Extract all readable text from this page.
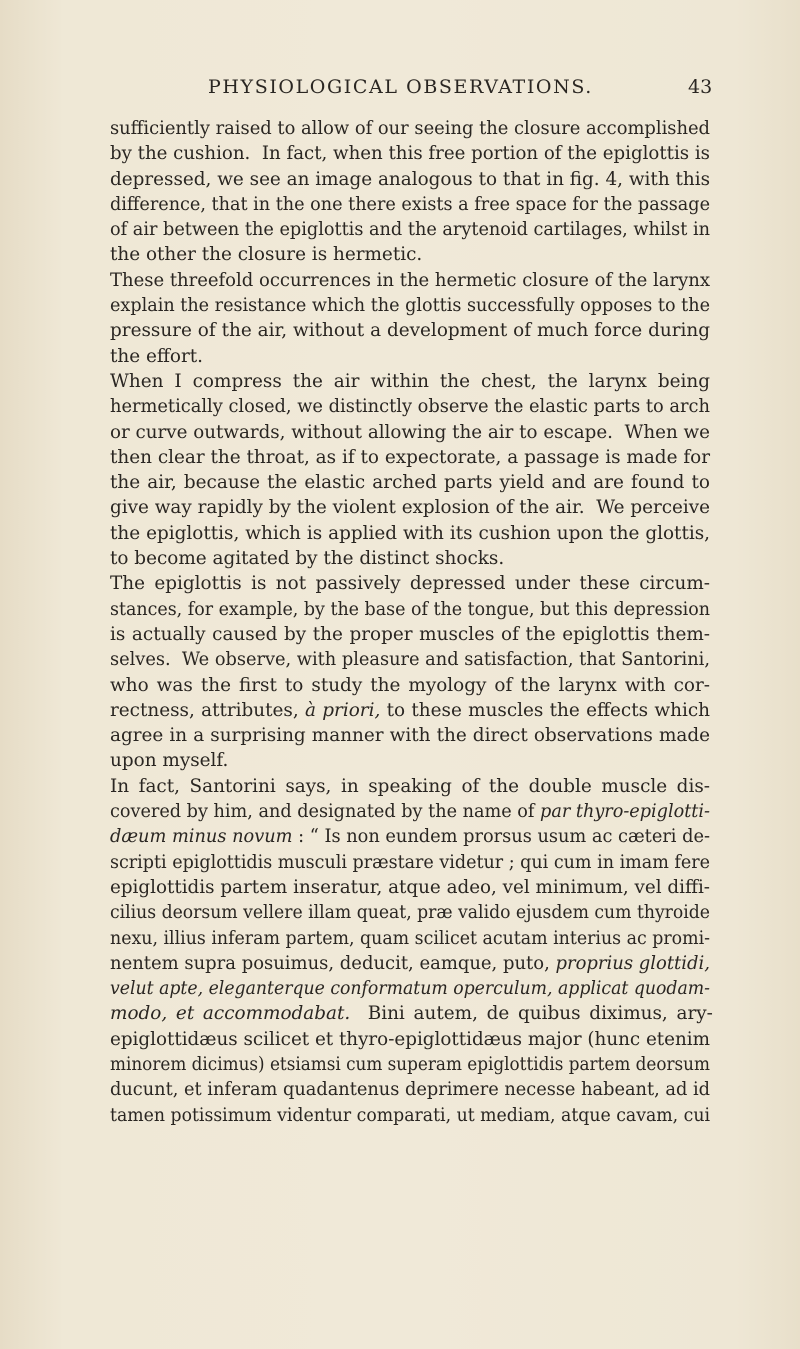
PHYSIOLOGICAL OBSERVATIONS.	43
sufficiently raised to allow of our seeing the closure accomplished
by the cushion.  In fact, when this free portion of the epiglottis is
depressed, we see an image analogous to that in fig. 4, with this
difference, that in the one there exists a free space for the passage
of air between the epiglottis and the arytenoid cartilages, whilst in
the other the closure is hermetic.
These threefold occurrences in the hermetic closure of the larynx
explain the resistance which the glottis successfully opposes to the
pressure of the air, without a development of much force during
the effort.
When I compress the air within the chest, the larynx being
hermetically closed, we distinctly observe the elastic parts to arch
or curve outwards, without allowing the air to escape.  When we
then clear the throat, as if to expectorate, a passage is made for
the air, because the elastic arched parts yield and are found to
give way rapidly by the violent explosion of the air.  We perceive
the epiglottis, which is applied with its cushion upon the glottis,
to become agitated by the distinct shocks.
The epiglottis is not passively depressed under these circum-
stances, for example, by the base of the tongue, but this depression
is actually caused by the proper muscles of the epiglottis them-
selves.  We observe, with pleasure and satisfaction, that Santorini,
who was the first to study the myology of the larynx with cor-
rectness, attributes, à priori, to these muscles the effects which
agree in a surprising manner with the direct observations made
upon myself.
In fact, Santorini says, in speaking of the double muscle dis-
covered by him, and designated by the name of par thyro-epiglotti-
dæum minus novum : “ Is non eundem prorsus usum ac cæteri de-
scripti epiglottidis musculi præstare videtur ; qui cum in imam fere
epiglottidis partem inseratur, atque adeo, vel minimum, vel diffi-
cilius deorsum vellere illam queat, præ valido ejusdem cum thyroide
nexu, illius inferam partem, quam scilicet acutam interius ac promi-
nentem supra posuimus, deducit, eamque, puto, proprius glottidi,
velut apte, eleganterque conformatum operculum, applicat quodam-
modo, et accommodabat.  Bini autem, de quibus diximus, ary-
epiglottidæus scilicet et thyro-epiglottidæus major (hunc etenim
minorem dicimus) etsiamsi cum superam epiglottidis partem deorsum
ducunt, et inferam quadantenus deprimere necesse habeant, ad id
tamen potissimum videntur comparati, ut mediam, atque cavam, cui
